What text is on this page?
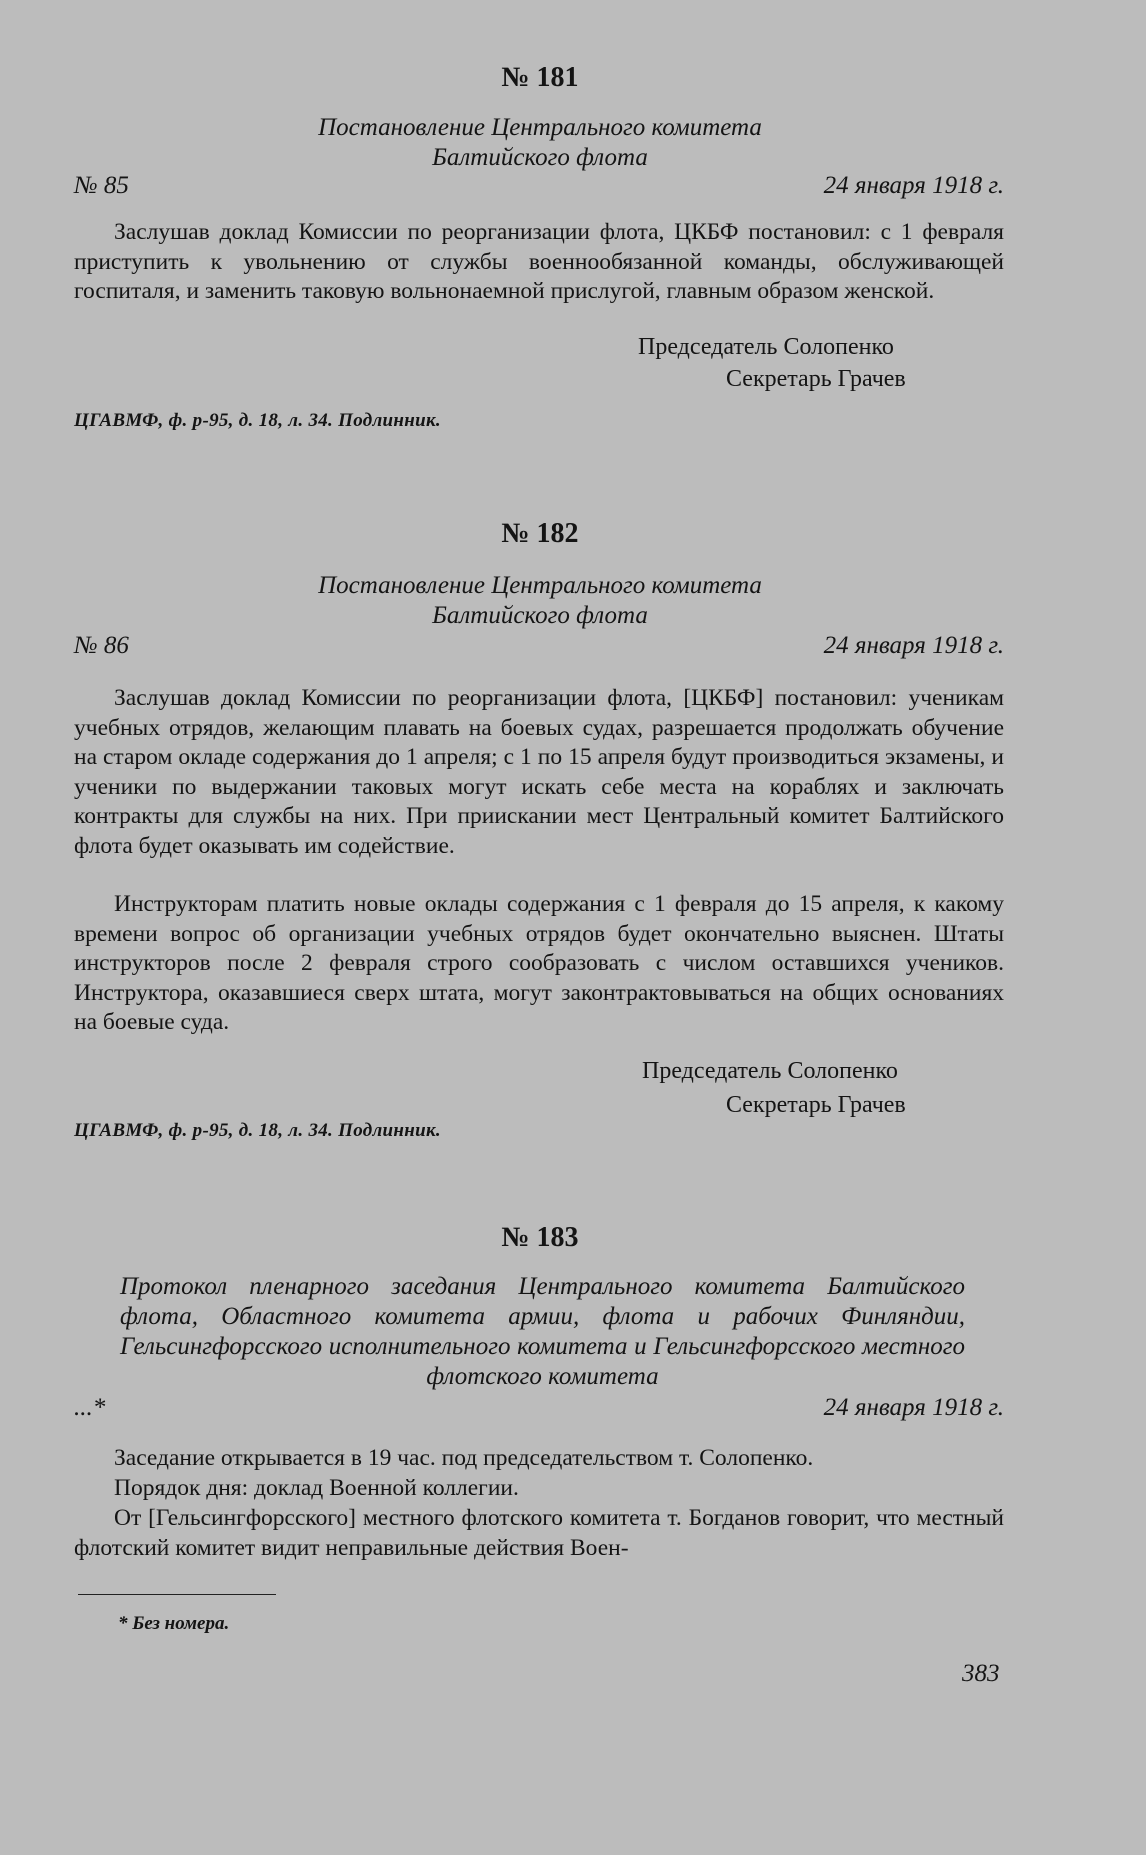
№ 181
Постановление Центрального комитета
Балтийского флота
№ 85	24 января 1918 г.

Заслушав доклад Комиссии по реорганизации флота, ЦКБФ постановил: с 1 февраля приступить к увольнению от службы военнообязанной команды, обслуживающей госпиталя, и заменить таковую вольнонаемной прислугой, главным образом женской.

Председатель Солопенко
Секретарь Грачев
ЦГАВМФ, ф. р-95, д. 18, л. 34. Подлинник.
№ 182
Постановление Центрального комитета
Балтийского флота
№ 86	24 января 1918 г.

Заслушав доклад Комиссии по реорганизации флота, [ЦКБФ] постановил: ученикам учебных отрядов, желающим плавать на боевых судах, разрешается продолжать обучение на старом окладе содержания до 1 апреля; с 1 по 15 апреля будут производиться экзамены, и ученики по выдержании таковых могут искать себе места на кораблях и заключать контракты для службы на них. При приискании мест Центральный комитет Балтийского флота будет оказывать им содействие.

Инструкторам платить новые оклады содержания с 1 февраля до 15 апреля, к какому времени вопрос об организации учебных отрядов будет окончательно выяснен. Штаты инструкторов после 2 февраля строго сообразовать с числом оставшихся учеников. Инструктора, оказавшиеся сверх штата, могут законтрактовываться на общих основаниях на боевые суда.

Председатель Солопенко
Секретарь Грачев
ЦГАВМФ, ф. р-95, д. 18, л. 34. Подлинник.
№ 183
Протокол пленарного заседания Центрального комитета Балтийского флота, Областного комитета армии, флота и рабочих Финляндии, Гельсингфорсского исполнительного комитета и Гельсингфорсского местного флотского комитета
...*	24 января 1918 г.

Заседание открывается в 19 час. под председательством т. Солопенко.

Порядок дня: доклад Военной коллегии.

От [Гельсингфорсского] местного флотского комитета т. Богданов говорит, что местный флотский комитет видит неправильные действия Воен-

* Без номера.
383
